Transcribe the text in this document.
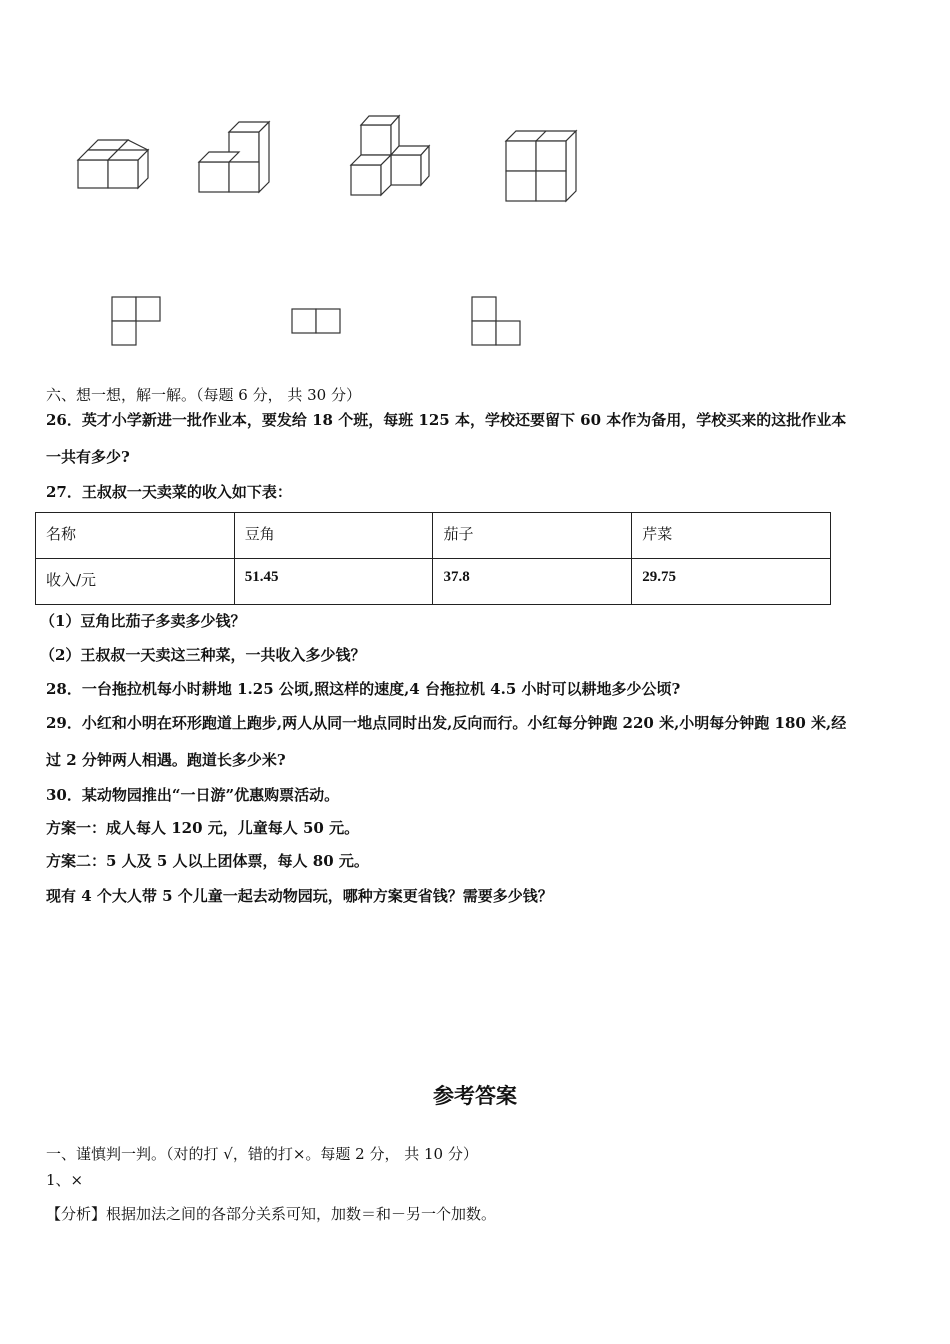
六、想一想，解一解。（每题 6 分， 共 30 分）
26．英才小学新进一批作业本，要发给 18 个班，每班 125 本，学校还要留下 60 本作为备用，学校买来的这批作业本
一共有多少?
27．王叔叔一天卖菜的收入如下表：
名称	豆角	茄子	芹菜

收入/元	51.45	37.8	29.75
（1）豆角比茄子多卖多少钱？
（2）王叔叔一天卖这三种菜，一共收入多少钱？
28．一台拖拉机每小时耕地 1.25 公顷,照这样的速度,4 台拖拉机 4.5 小时可以耕地多少公顷?
29．小红和小明在环形跑道上跑步,两人从同一地点同时出发,反向而行。小红每分钟跑 220 米,小明每分钟跑 180 米,经
过 2 分钟两人相遇。跑道长多少米?
30．某动物园推出“一日游”优惠购票活动。
方案一：成人每人 120 元，儿童每人 50 元。
方案二：5 人及 5 人以上团体票，每人 80 元。
现有 4 个大人带 5 个儿童一起去动物园玩，哪种方案更省钱？需要多少钱？
参考答案
一、谨慎判一判。（对的打 √，错的打×。每题 2 分， 共 10 分）
1、×
【分析】根据加法之间的各部分关系可知，加数＝和－另一个加数。
